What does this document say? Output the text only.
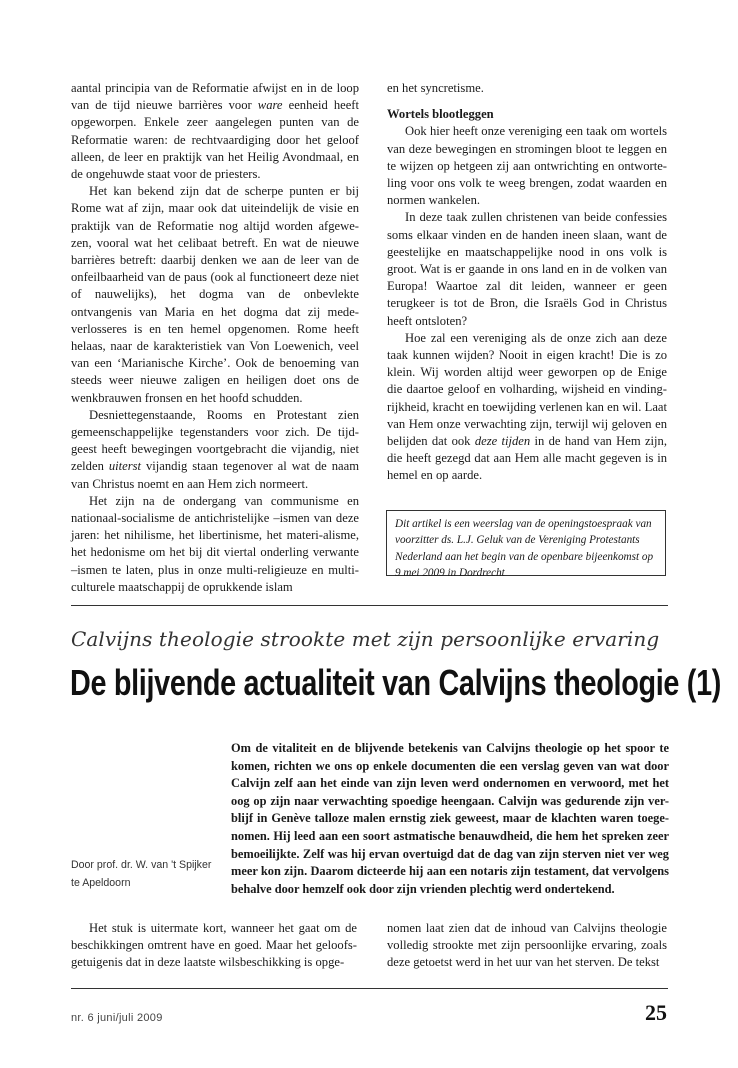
aantal principia van de Reformatie afwijst en in de loop van de tijd nieuwe barrières voor ware eenheid heeft opgeworpen. Enkele zeer aangelegen punten van de Reformatie waren: de rechtvaardiging door het geloof alleen, de leer en praktijk van het Heilig Avondmaal, en de ongehuwde staat voor de priesters.

Het kan bekend zijn dat de scherpe punten er bij Rome wat af zijn, maar ook dat uiteindelijk de visie en praktijk van de Reformatie nog altijd worden afgewe-zen, vooral wat het celibaat betreft. En wat de nieuwe barrières betreft: daarbij denken we aan de leer van de onfeilbaarheid van de paus (ook al functioneert deze niet of nauwelijks), het dogma van de onbevlekte ontvangenis van Maria en het dogma dat zij mede-verlosseres is en ten hemel opgenomen. Rome heeft helaas, naar de karakteristiek van Von Loewenich, veel van een ‘Marianische Kirche’. Ook de benoeming van steeds weer nieuwe zaligen en heiligen doet ons de wenkbrauwen fronsen en het hoofd schudden.

Desniettegenstaande, Rooms en Protestant zien gemeenschappelijke tegenstanders voor zich. De tijd-geest heeft bewegingen voortgebracht die vijandig, niet zelden uiterst vijandig staan tegenover al wat de naam van Christus noemt en aan Hem zich normeert.

Het zijn na de ondergang van communisme en nationaal-socialisme de antichristelijke –ismen van deze jaren: het nihilisme, het libertinisme, het materi-alisme, het hedonisme om het bij dit viertal onderling verwante –ismen te laten, plus in onze multi-religieuze en multi-culturele maatschappij de oprukkende islam

en het syncretisme.

Wortels blootleggen

Ook hier heeft onze vereniging een taak om wortels van deze bewegingen en stromingen bloot te leggen en te wijzen op hetgeen zij aan ontwrichting en ontworte-ling voor ons volk te weeg brengen, zodat waarden en normen wankelen.

In deze taak zullen christenen van beide confessies soms elkaar vinden en de handen ineen slaan, want de geestelijke en maatschappelijke nood in ons volk is groot. Wat is er gaande in ons land en in de volken van Europa! Waartoe zal dit leiden, wanneer er geen terugkeer is tot de Bron, die Israëls God in Christus heeft ontsloten?

Hoe zal een vereniging als de onze zich aan deze taak kunnen wijden? Nooit in eigen kracht! Die is zo klein. Wij worden altijd weer geworpen op de Enige die daartoe geloof en volharding, wijsheid en vinding-rijkheid, kracht en toewijding verlenen kan en wil. Laat van Hem onze verwachting zijn, terwijl wij geloven en belijden dat ook deze tijden in de hand van Hem zijn, die heeft gezegd dat aan Hem alle macht gegeven is in hemel en op aarde.

Dit artikel is een weerslag van de openingstoespraak van voorzitter ds. L.J. Geluk van de Vereniging Protestants Nederland aan het begin van de openbare bijeenkomst op 9 mei 2009 in Dordrecht
Calvijns theologie strookte met zijn persoonlijke ervaring
De blijvende actualiteit van Calvijns theologie (1)
Om de vitaliteit en de blijvende betekenis van Calvijns theologie op het spoor te komen, richten we ons op enkele documenten die een verslag geven van wat door Calvijn zelf aan het einde van zijn leven werd ondernomen en verwoord, met het oog op zijn naar verwachting spoedige heengaan. Calvijn was gedurende zijn ver-blijf in Genève talloze malen ernstig ziek geweest, maar de klachten waren toege-nomen. Hij leed aan een soort astmatische benauwdheid, die hem het spreken zeer bemoeilijkte. Zelf was hij ervan overtuigd dat de dag van zijn sterven niet ver weg meer kon zijn. Daarom dicteerde hij aan een notaris zijn testament, dat vervolgens behalve door hemzelf ook door zijn vrienden plechtig werd ondertekend.
Door prof. dr. W. van 't Spijker
te Apeldoorn

Het stuk is uitermate kort, wanneer het gaat om de beschikkingen omtrent have en goed. Maar het geloofs-getuigenis dat in deze laatste wilsbeschikking is opge-

nomen laat zien dat de inhoud van Calvijns theologie volledig strookte met zijn persoonlijke ervaring, zoals deze getoetst werd in het uur van het sterven. De tekst

nr. 6 juni/juli 2009	25
